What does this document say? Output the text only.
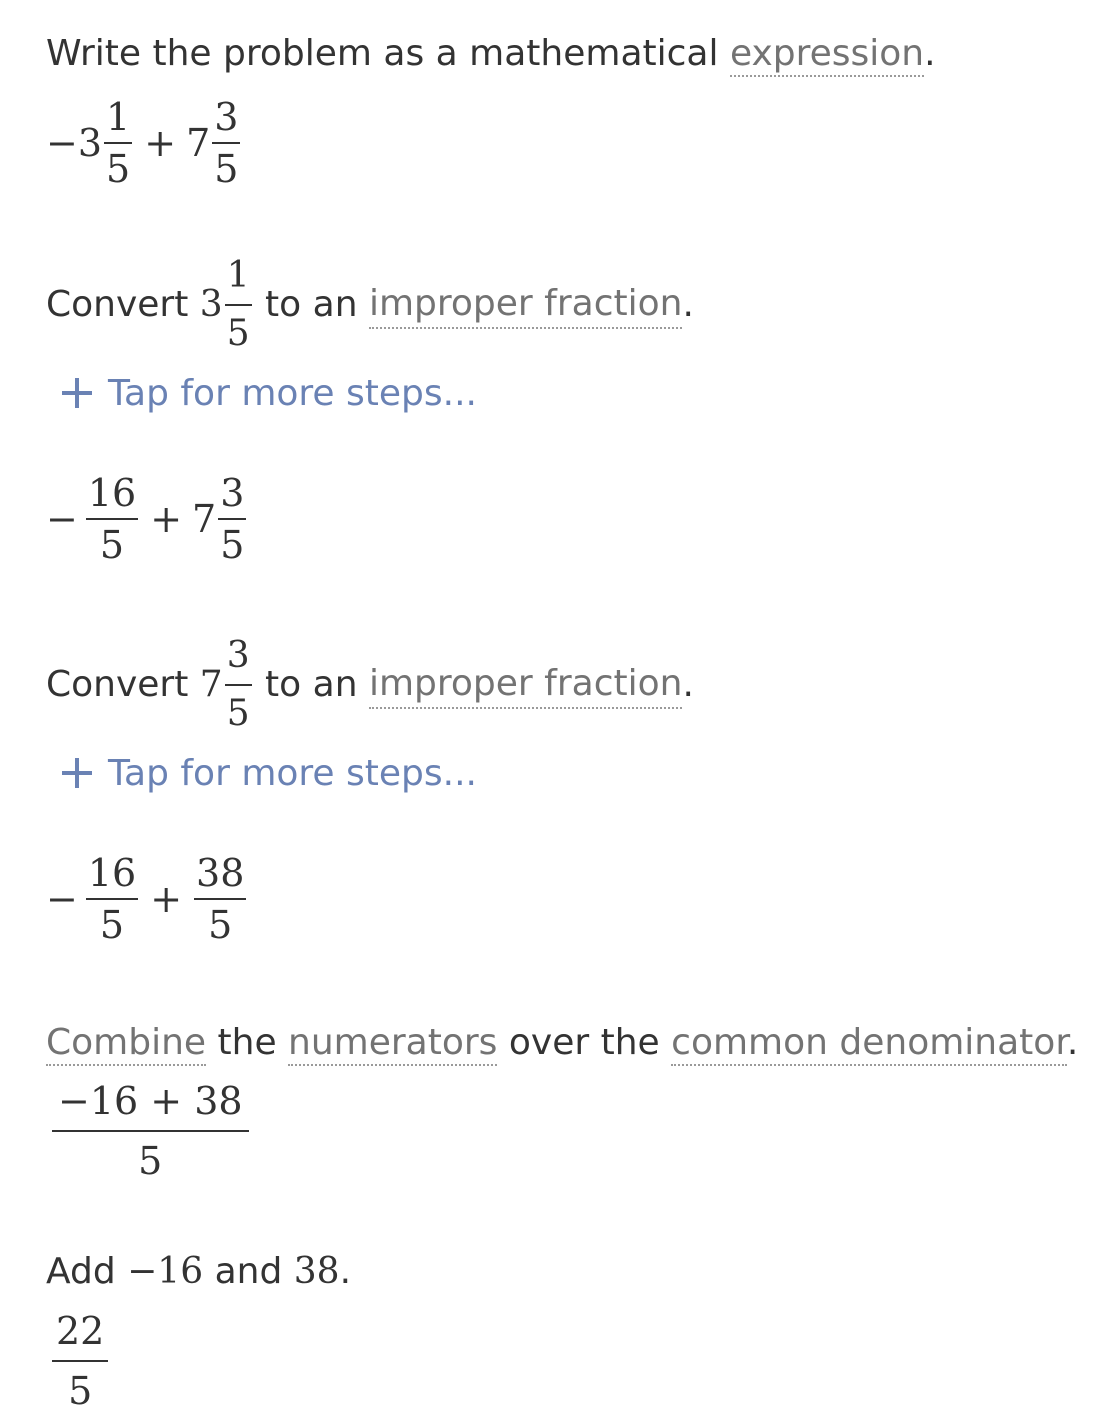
Write the problem as a mathematical expression.
− $3 \frac{1}{5} + 7 \frac{3}{5}$
Convert $3 \frac{1}{5}$ to an improper fraction .
Tap for more steps...
− $\frac{16}{5} + 7 \frac{3}{5}$
Convert $7 \frac{3}{5}$ to an improper fraction .
Tap for more steps...
− $\frac{16}{5} + \frac{38}{5}$
Combine the numerators over the common denominator.
$\frac{-16 + 38}{5}$
Add −16 and 38.
$\frac{22}{5}$
